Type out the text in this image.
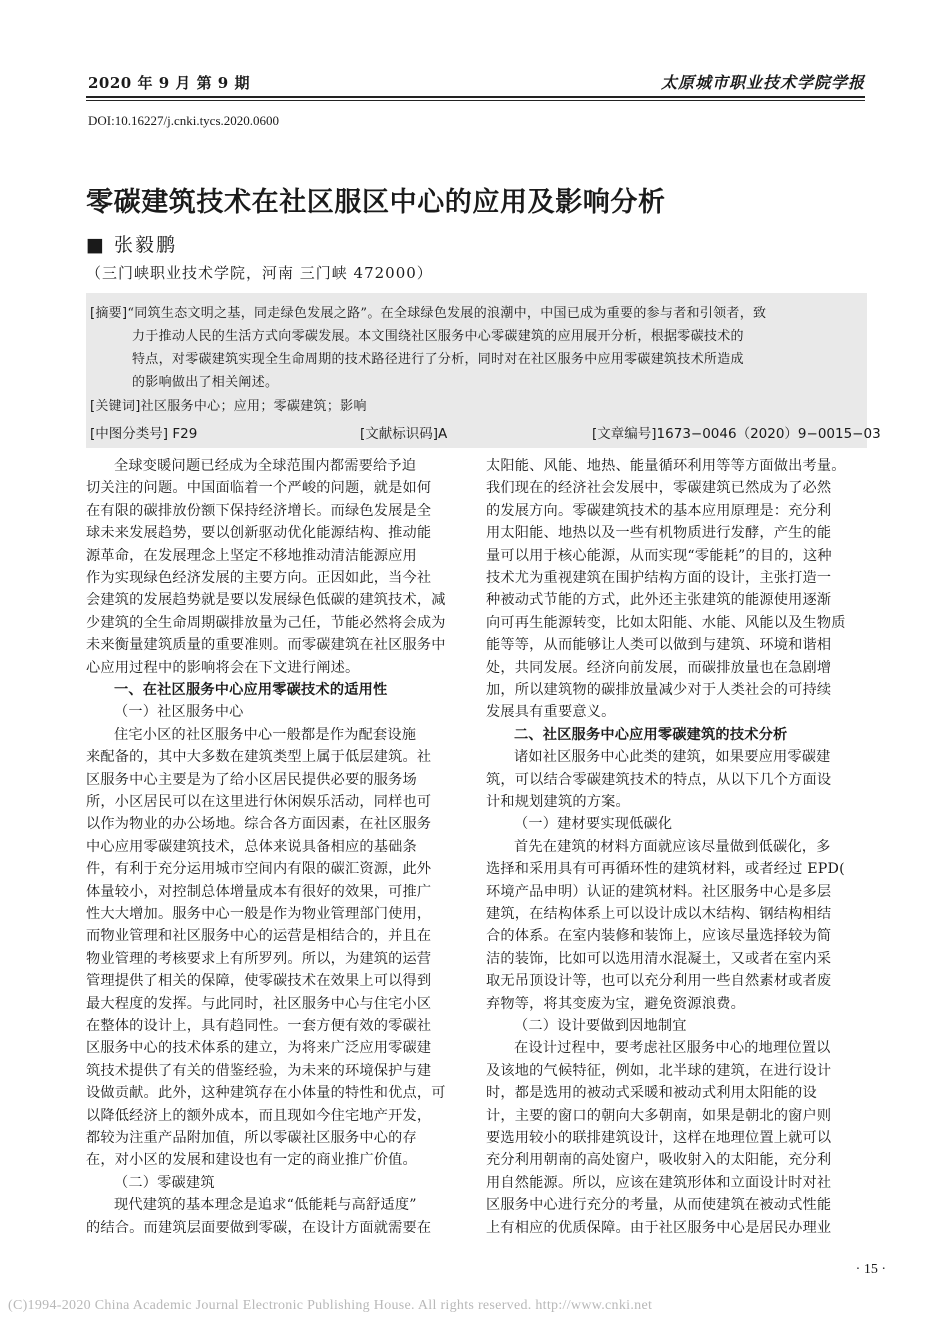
2020 年 9 月 第 9 期	太原城市职业技术学院学报
DOI:10.16227/j.cnki.tycs.2020.0600
零碳建筑技术在社区服区中心的应用及影响分析
■ 张毅鹏
（三门峡职业技术学院，河南 三门峡 472000）
[摘要]“同筑生态文明之基，同走绿色发展之路”。在全球绿色发展的浪潮中，中国已成为重要的参与者和引领者，致
力于推动人民的生活方式向零碳发展。本文围绕社区服务中心零碳建筑的应用展开分析，根据零碳技术的
特点，对零碳建筑实现全生命周期的技术路径进行了分析，同时对在社区服务中应用零碳建筑技术所造成
的影响做出了相关阐述。
[关键词]社区服务中心；应用；零碳建筑；影响
[中图分类号] F29	[文献标识码]A	[文章编号]1673−0046（2020）9−0015−03
全球变暖问题已经成为全球范围内都需要给予迫
切关注的问题。中国面临着一个严峻的问题，就是如何
在有限的碳排放份额下保持经济增长。而绿色发展是全
球未来发展趋势，要以创新驱动优化能源结构、推动能
源革命，在发展理念上坚定不移地推动清洁能源应用
作为实现绿色经济发展的主要方向。正因如此，当今社
会建筑的发展趋势就是要以发展绿色低碳的建筑技术，减
少建筑的全生命周期碳排放量为己任，节能必然将会成为
未来衡量建筑质量的重要准则。而零碳建筑在社区服务中
心应用过程中的影响将会在下文进行阐述。
一、在社区服务中心应用零碳技术的适用性
（一）社区服务中心
住宅小区的社区服务中心一般都是作为配套设施
来配备的，其中大多数在建筑类型上属于低层建筑。社
区服务中心主要是为了给小区居民提供必要的服务场
所，小区居民可以在这里进行休闲娱乐活动，同样也可
以作为物业的办公场地。综合各方面因素，在社区服务
中心应用零碳建筑技术，总体来说具备相应的基础条
件，有利于充分运用城市空间内有限的碳汇资源，此外
体量较小，对控制总体增量成本有很好的效果，可推广
性大大增加。服务中心一般是作为物业管理部门使用，
而物业管理和社区服务中心的运营是相结合的，并且在
物业管理的考核要求上有所罗列。所以，为建筑的运营
管理提供了相关的保障，使零碳技术在效果上可以得到
最大程度的发挥。与此同时，社区服务中心与住宅小区
在整体的设计上，具有趋同性。一套方便有效的零碳社
区服务中心的技术体系的建立，为将来广泛应用零碳建
筑技术提供了有关的借鉴经验，为未来的环境保护与建
设做贡献。此外，这种建筑存在小体量的特性和优点，可
以降低经济上的额外成本，而且现如今住宅地产开发，
都较为注重产品附加值，所以零碳社区服务中心的存
在，对小区的发展和建设也有一定的商业推广价值。
（二）零碳建筑
现代建筑的基本理念是追求“低能耗与高舒适度”
的结合。而建筑层面要做到零碳，在设计方面就需要在
太阳能、风能、地热、能量循环利用等等方面做出考量。
我们现在的经济社会发展中，零碳建筑已然成为了必然
的发展方向。零碳建筑技术的基本应用原理是：充分利
用太阳能、地热以及一些有机物质进行发酵，产生的能
量可以用于核心能源，从而实现“零能耗”的目的，这种
技术尤为重视建筑在围护结构方面的设计，主张打造一
种被动式节能的方式，此外还主张建筑的能源使用逐渐
向可再生能源转变，比如太阳能、水能、风能以及生物质
能等等，从而能够让人类可以做到与建筑、环境和谐相
处，共同发展。经济向前发展，而碳排放量也在急剧增
加，所以建筑物的碳排放量减少对于人类社会的可持续
发展具有重要意义。
二、社区服务中心应用零碳建筑的技术分析
诸如社区服务中心此类的建筑，如果要应用零碳建
筑，可以结合零碳建筑技术的特点，从以下几个方面设
计和规划建筑的方案。
（一）建材要实现低碳化
首先在建筑的材料方面就应该尽量做到低碳化，多
选择和采用具有可再循环性的建筑材料，或者经过 EPD(
环境产品申明）认证的建筑材料。社区服务中心是多层
建筑，在结构体系上可以设计成以木结构、钢结构相结
合的体系。在室内装修和装饰上，应该尽量选择较为简
洁的装饰，比如可以选用清水混凝土，又或者在室内采
取无吊顶设计等，也可以充分利用一些自然素材或者废
弃物等，将其变废为宝，避免资源浪费。
（二）设计要做到因地制宜
在设计过程中，要考虑社区服务中心的地理位置以
及该地的气候特征，例如，北半球的建筑，在进行设计
时，都是选用的被动式采暖和被动式利用太阳能的设
计，主要的窗口的朝向大多朝南，如果是朝北的窗户则
要选用较小的联排建筑设计，这样在地理位置上就可以
充分利用朝南的高处窗户，吸收射入的太阳能，充分利
用自然能源。所以，应该在建筑形体和立面设计时对社
区服务中心进行充分的考量，从而使建筑在被动式性能
上有相应的优质保障。由于社区服务中心是居民办理业
· 15 ·
(C)1994-2020 China Academic Journal Electronic Publishing House. All rights reserved. http://www.cnki.net
